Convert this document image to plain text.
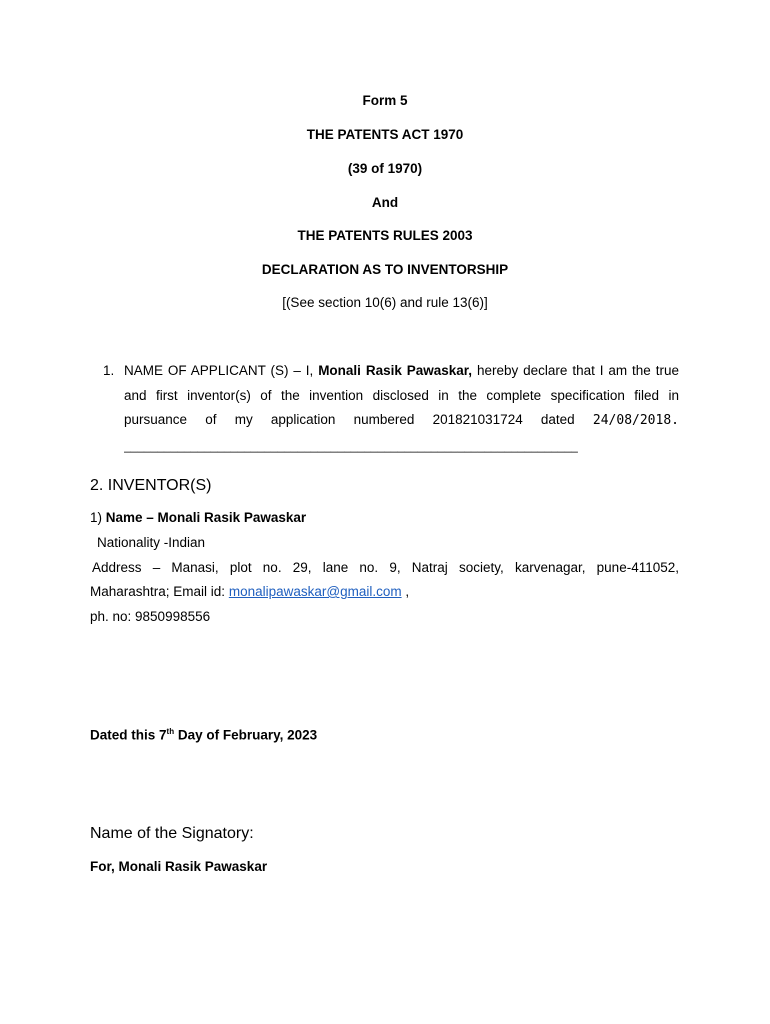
Form 5
THE PATENTS ACT 1970
(39 of 1970)
And
THE PATENTS RULES 2003
DECLARATION AS TO INVENTORSHIP
[(See section 10(6) and rule 13(6)]
1. NAME OF APPLICANT (S) – I, Monali Rasik Pawaskar, hereby declare that I am the true
and first inventor(s) of the invention disclosed in the complete specification filed in
pursuance of my application numbered 201821031724 dated 24/08/2018.
____________________________________________________________________
2. INVENTOR(S)
1) Name – Monali Rasik Pawaskar
Nationality -Indian
Address – Manasi, plot no. 29, lane no. 9, Natraj society, karvenagar, pune-411052,
Maharashtra; Email id: monalipawaskar@gmail.com ,
ph. no: 9850998556
Dated this 7th Day of February, 2023
Name of the Signatory:
For, Monali Rasik Pawaskar
